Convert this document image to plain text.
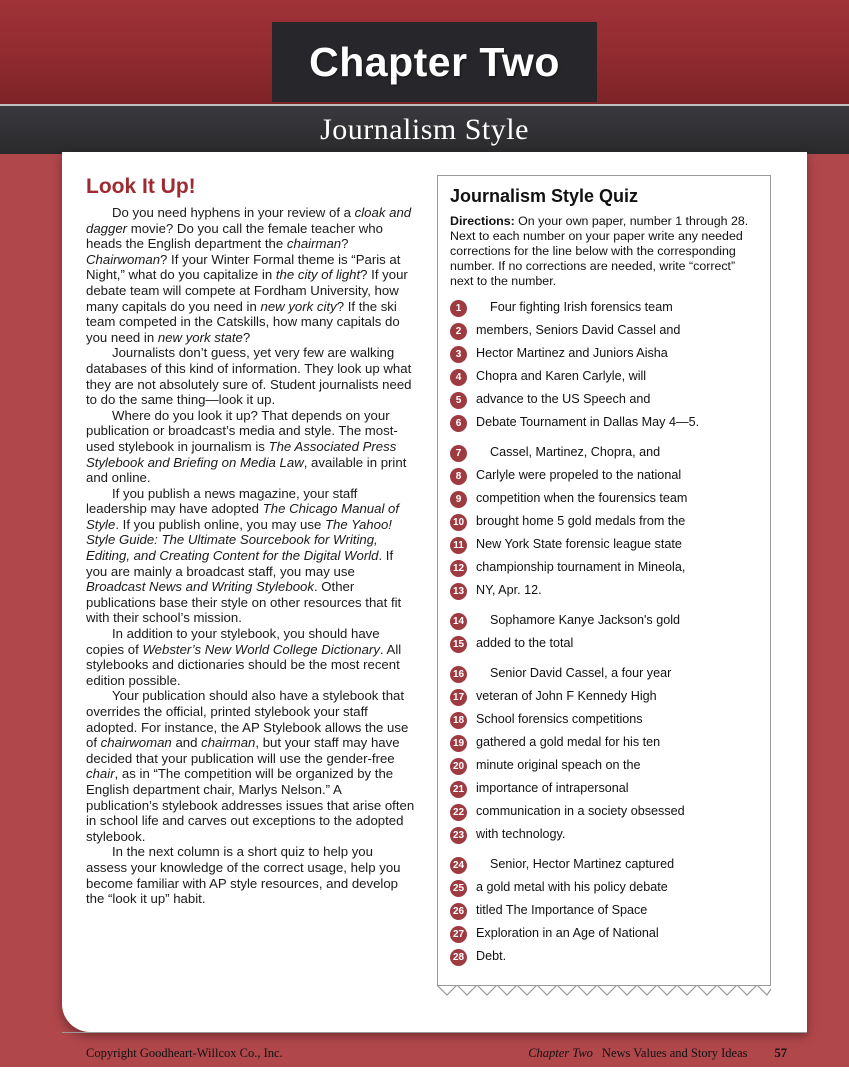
Chapter Two
Journalism Style
Look It Up!

Do you need hyphens in your review of a cloak and dagger movie? Do you call the female teacher who heads the English department the chairman? Chairwoman? If your Winter Formal theme is “Paris at Night,” what do you capitalize in the city of light? If your debate team will compete at Fordham University, how many capitals do you need in new york city? If the ski team competed in the Catskills, how many capitals do you need in new york state?

Journalists don’t guess, yet very few are walking databases of this kind of information. They look up what they are not absolutely sure of. Student journalists need to do the same thing—look it up.

Where do you look it up? That depends on your publication or broadcast’s media and style. The most-used stylebook in journalism is The Associated Press Stylebook and Briefing on Media Law, available in print and online.

If you publish a news magazine, your staff leadership may have adopted The Chicago Manual of Style. If you publish online, you may use The Yahoo! Style Guide: The Ultimate Sourcebook for Writing, Editing, and Creating Content for the Digital World. If you are mainly a broadcast staff, you may use Broadcast News and Writing Stylebook. Other publications base their style on other resources that fit with their school’s mission.

In addition to your stylebook, you should have copies of Webster’s New World College Dictionary. All stylebooks and dictionaries should be the most recent edition possible.

Your publication should also have a stylebook that overrides the official, printed stylebook your staff adopted. For instance, the AP Stylebook allows the use of chairwoman and chairman, but your staff may have decided that your publication will use the gender-free chair, as in “The competition will be organized by the English department chair, Marlys Nelson.” A publication’s stylebook addresses issues that arise often in school life and carves out exceptions to the adopted stylebook.

In the next column is a short quiz to help you assess your knowledge of the correct usage, help you become familiar with AP style resources, and develop the “look it up” habit.

Journalism Style Quiz

Directions: On your own paper, number 1 through 28. Next to each number on your paper write any needed corrections for the line below with the corresponding number. If no corrections are needed, write “correct” next to the number.

1	Four fighting Irish forensics team
2	members, Seniors David Cassel and
3	Hector Martinez and Juniors Aisha
4	Chopra and Karen Carlyle, will
5	advance to the US Speech and
6	Debate Tournament in Dallas May 4—5.
7	Cassel, Martinez, Chopra, and
8	Carlyle were propeled to the national
9	competition when the fourensics team
10 brought home 5 gold medals from the
11 New York State forensic league state
12 championship tournament in Mineola,
13 NY, Apr. 12.
14	Sophamore Kanye Jackson's gold
15 added to the total
16	Senior David Cassel, a four year
17 veteran of John F Kennedy High
18 School forensics competitions
19 gathered a gold medal for his ten
20 minute original speach on the
21 importance of intrapersonal
22 communication in a society obsessed
23 with technology.
24	Senior, Hector Martinez captured
25 a gold metal with his policy debate
26 titled The Importance of Space
27 Exploration in an Age of National
28 Debt.
Copyright Goodheart-Willcox Co., Inc.	Chapter Two News Values and Story Ideas 57
